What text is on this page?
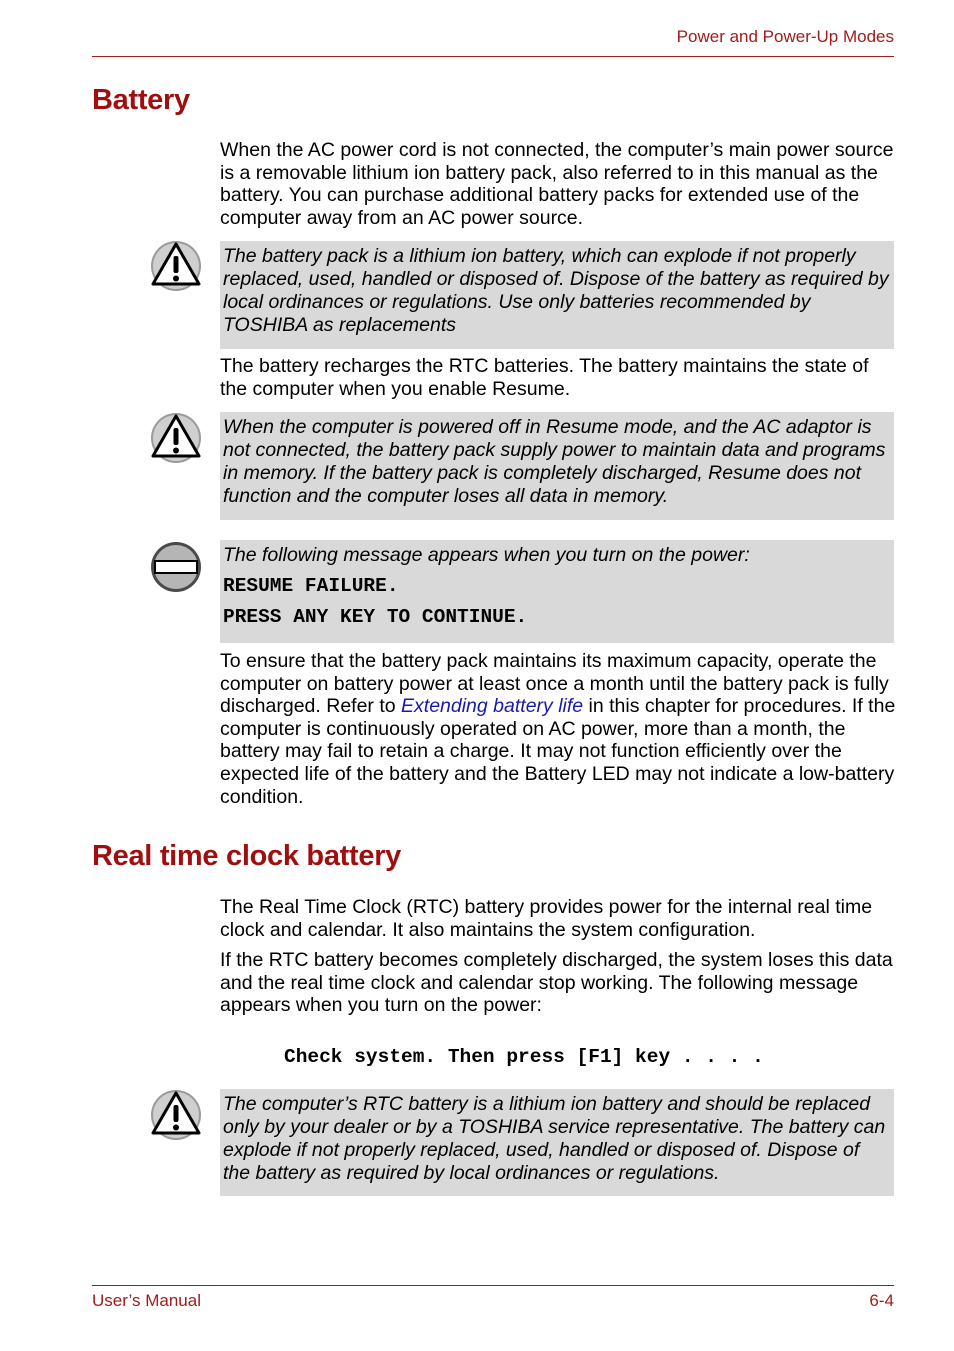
Power and Power-Up Modes
Battery

When the AC power cord is not connected, the computer’s main power source is a removable lithium ion battery pack, also referred to in this manual as the battery. You can purchase additional battery packs for extended use of the computer away from an AC power source.

The battery pack is a lithium ion battery, which can explode if not properly replaced, used, handled or disposed of. Dispose of the battery as required by local ordinances or regulations. Use only batteries recommended by TOSHIBA as replacements

The battery recharges the RTC batteries. The battery maintains the state of the computer when you enable Resume.

When the computer is powered off in Resume mode, and the AC adaptor is not connected, the battery pack supply power to maintain data and programs in memory. If the battery pack is completely discharged, Resume does not function and the computer loses all data in memory.
The following message appears when you turn on the power:
RESUME FAILURE.
PRESS ANY KEY TO CONTINUE.

To ensure that the battery pack maintains its maximum capacity, operate the computer on battery power at least once a month until the battery pack is fully discharged. Refer to Extending battery life in this chapter for procedures. If the computer is continuously operated on AC power, more than a month, the battery may fail to retain a charge. It may not function efficiently over the expected life of the battery and the Battery LED may not indicate a low-battery condition.

Real time clock battery

The Real Time Clock (RTC) battery provides power for the internal real time clock and calendar. It also maintains the system configuration.

If the RTC battery becomes completely discharged, the system loses this data and the real time clock and calendar stop working. The following message appears when you turn on the power:

Check system. Then press [F1] key . . . .
The computer’s RTC battery is a lithium ion battery and should be replaced only by your dealer or by a TOSHIBA service representative. The battery can explode if not properly replaced, used, handled or disposed of. Dispose of the battery as required by local ordinances or regulations.
User’s Manual	6-4
